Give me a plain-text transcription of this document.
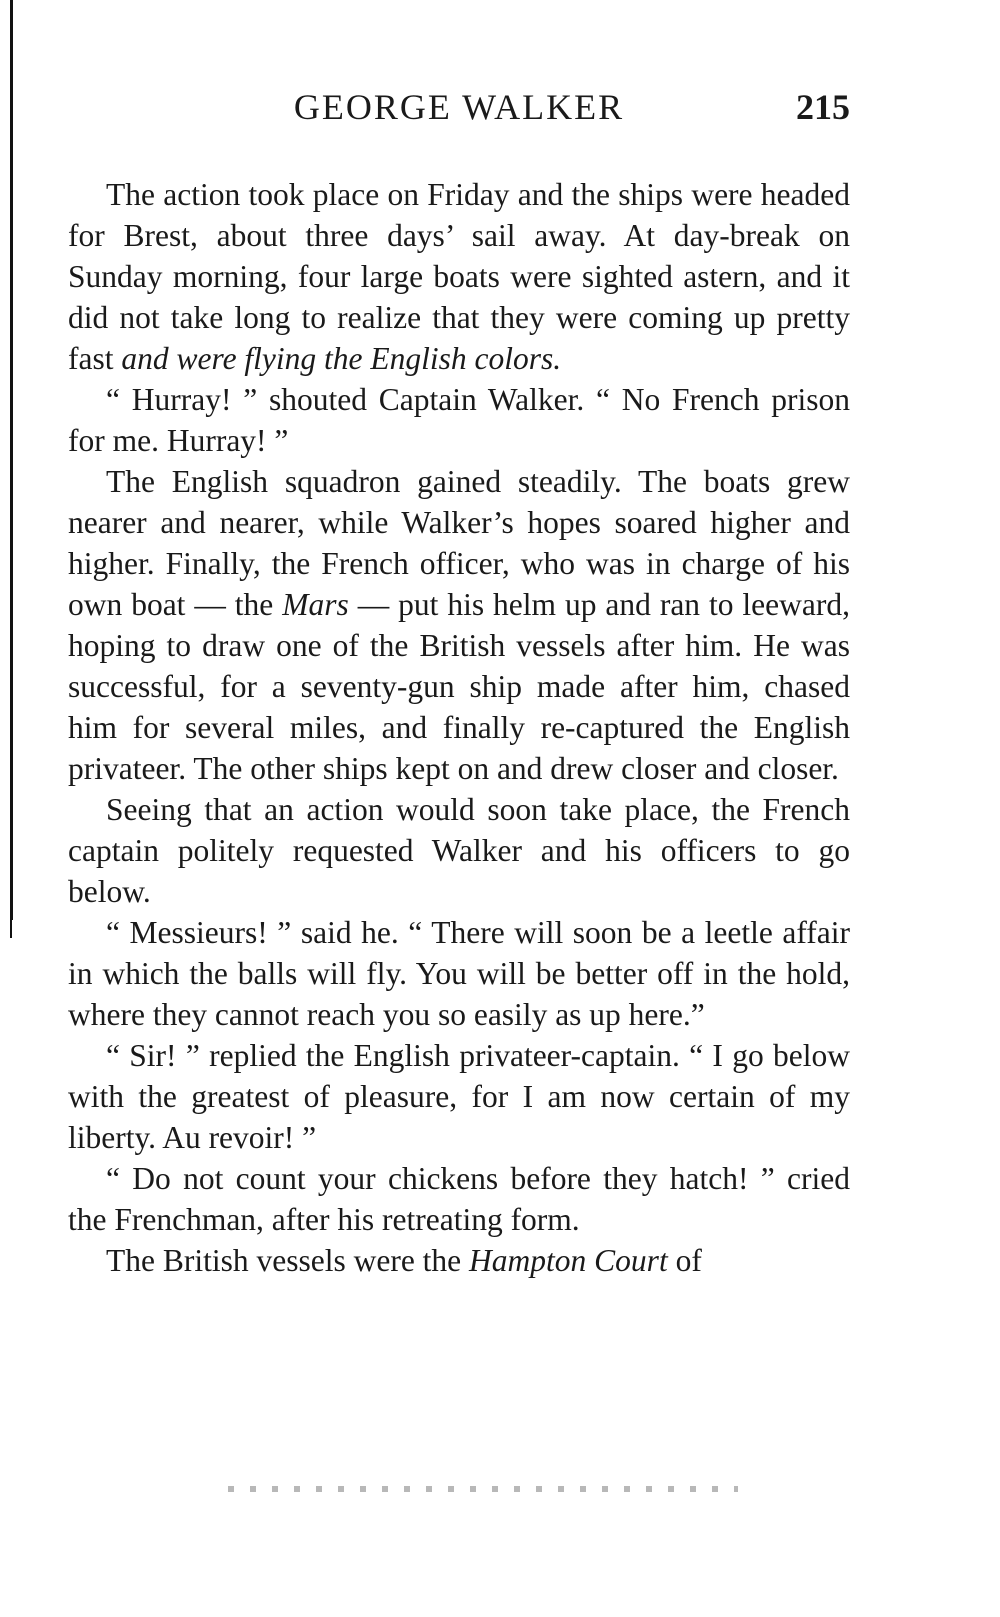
GEORGE WALKER	215

The action took place on Friday and the ships were headed for Brest, about three days’ sail away. At day-break on Sunday morning, four large boats were sighted astern, and it did not take long to realize that they were coming up pretty fast and were flying the English colors.

“ Hurray! ” shouted Captain Walker. “ No French prison for me. Hurray! ”

The English squadron gained steadily. The boats grew nearer and nearer, while Walker’s hopes soared higher and higher. Finally, the French officer, who was in charge of his own boat — the Mars — put his helm up and ran to leeward, hoping to draw one of the British vessels after him. He was successful, for a seventy-gun ship made after him, chased him for several miles, and finally re-captured the English privateer. The other ships kept on and drew closer and closer.

Seeing that an action would soon take place, the French captain politely requested Walker and his officers to go below.

“ Messieurs! ” said he. “ There will soon be a leetle affair in which the balls will fly. You will be better off in the hold, where they cannot reach you so easily as up here.”

“ Sir! ” replied the English privateer-captain. “ I go below with the greatest of pleasure, for I am now certain of my liberty. Au revoir! ”

“ Do not count your chickens before they hatch! ” cried the Frenchman, after his retreating form.

The British vessels were the Hampton Court of
